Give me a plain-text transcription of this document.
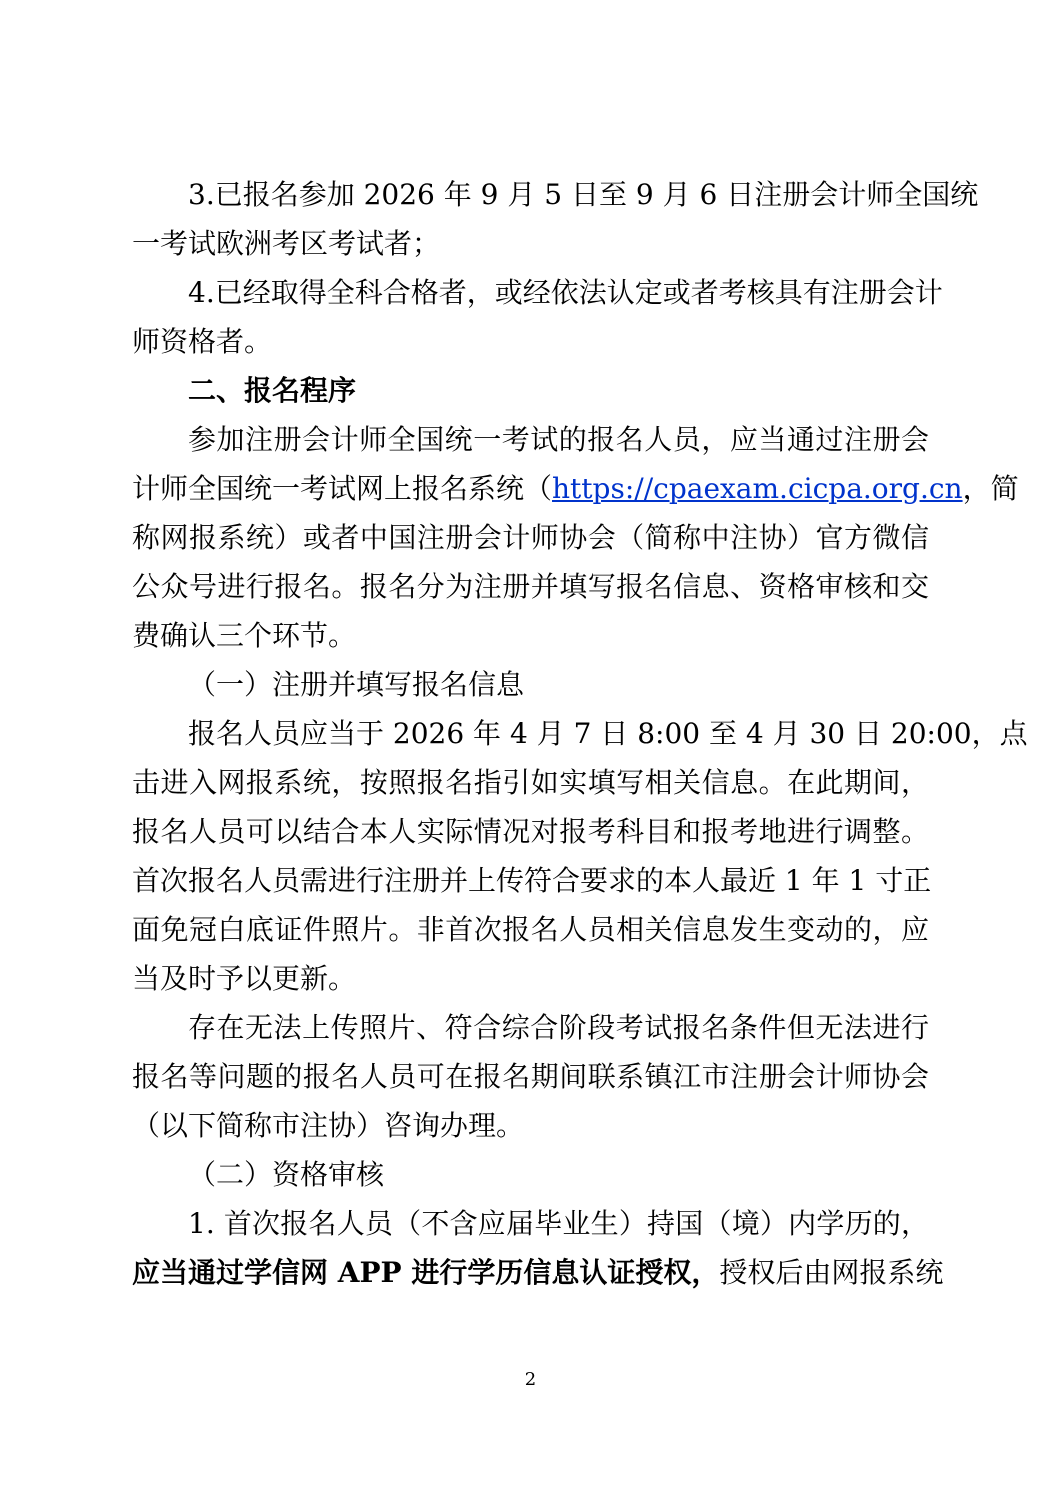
3.已报名参加 2026 年 9 月 5 日至 9 月 6 日注册会计师全国统
一考试欧洲考区考试者；
4.已经取得全科合格者，或经依法认定或者考核具有注册会计
师资格者。
二、报名程序
参加注册会计师全国统一考试的报名人员，应当通过注册会
计师全国统一考试网上报名系统（https://cpaexam.cicpa.org.cn，简
称网报系统）或者中国注册会计师协会（简称中注协）官方微信
公众号进行报名。报名分为注册并填写报名信息、资格审核和交
费确认三个环节。
（一）注册并填写报名信息
报名人员应当于 2026 年 4 月 7 日 8:00 至 4 月 30 日 20:00，点
击进入网报系统，按照报名指引如实填写相关信息。在此期间，
报名人员可以结合本人实际情况对报考科目和报考地进行调整。
首次报名人员需进行注册并上传符合要求的本人最近 1 年 1 寸正
面免冠白底证件照片。非首次报名人员相关信息发生变动的，应
当及时予以更新。
存在无法上传照片、符合综合阶段考试报名条件但无法进行
报名等问题的报名人员可在报名期间联系镇江市注册会计师协会
（以下简称市注协）咨询办理。
（二）资格审核
1. 首次报名人员（不含应届毕业生）持国（境）内学历的，
应当通过学信网 APP 进行学历信息认证授权，授权后由网报系统
2
